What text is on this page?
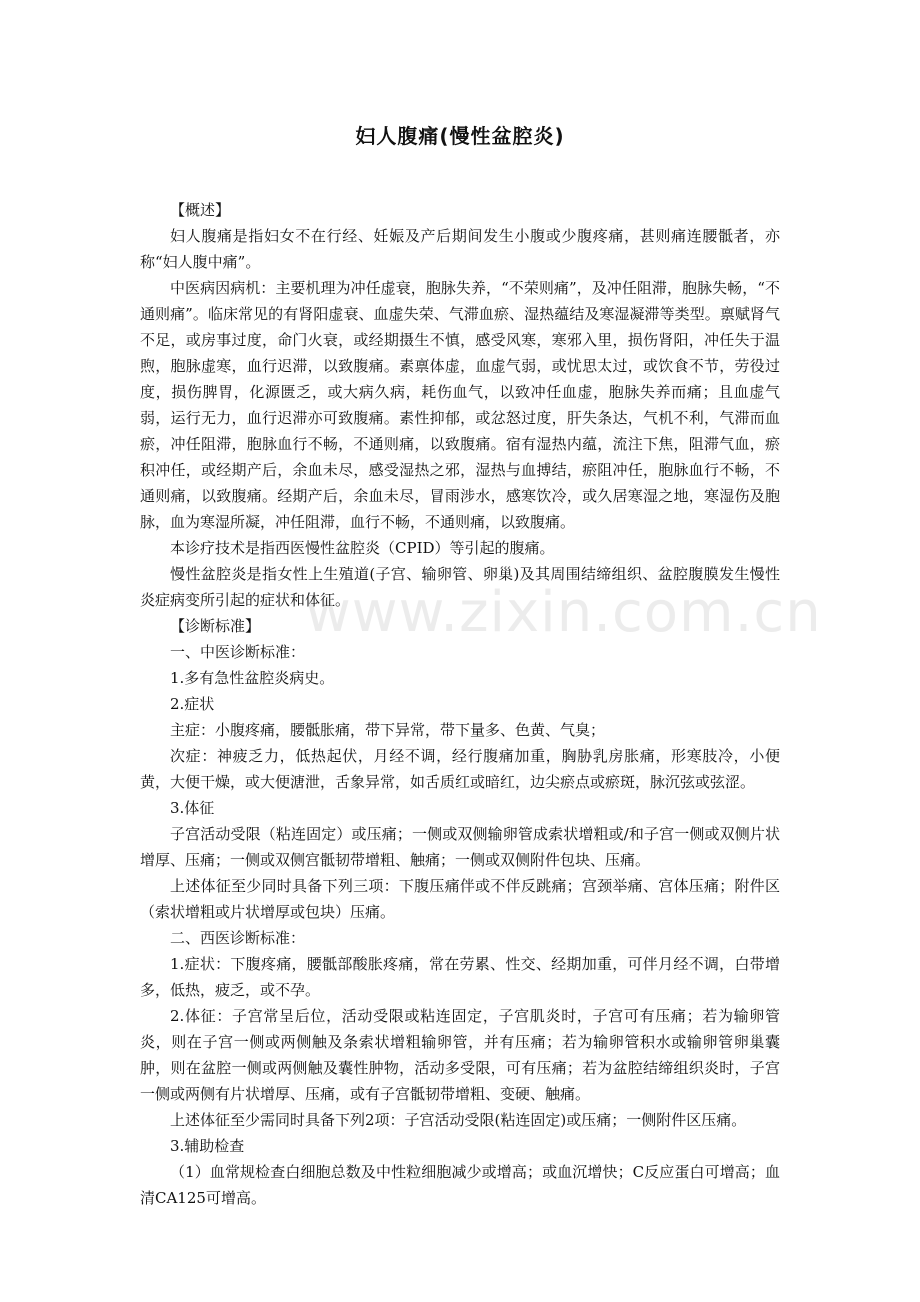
www.zixin.com.cn
妇人腹痛(慢性盆腔炎)

【概述】

妇人腹痛是指妇女不在行经、妊娠及产后期间发生小腹或少腹疼痛，甚则痛连腰骶者，亦称“妇人腹中痛”。

中医病因病机：主要机理为冲任虚衰，胞脉失养，“不荣则痛”，及冲任阻滞，胞脉失畅，“不通则痛”。临床常见的有肾阳虚衰、血虚失荣、气滞血瘀、湿热蕴结及寒湿凝滞等类型。禀赋肾气不足，或房事过度，命门火衰，或经期摄生不慎，感受风寒，寒邪入里，损伤肾阳，冲任失于温煦，胞脉虚寒，血行迟滞，以致腹痛。素禀体虚，血虚气弱，或忧思太过，或饮食不节，劳役过度，损伤脾胃，化源匮乏，或大病久病，耗伤血气，以致冲任血虚，胞脉失养而痛；且血虚气弱，运行无力，血行迟滞亦可致腹痛。素性抑郁，或忿怒过度，肝失条达，气机不利，气滞而血瘀，冲任阻滞，胞脉血行不畅，不通则痛，以致腹痛。宿有湿热内蕴，流注下焦，阻滞气血，瘀积冲任，或经期产后，余血未尽，感受湿热之邪，湿热与血搏结，瘀阻冲任，胞脉血行不畅，不通则痛，以致腹痛。经期产后，余血未尽，冒雨涉水，感寒饮冷，或久居寒湿之地，寒湿伤及胞脉，血为寒湿所凝，冲任阻滞，血行不畅，不通则痛，以致腹痛。

本诊疗技术是指西医慢性盆腔炎（CPID）等引起的腹痛。

慢性盆腔炎是指女性上生殖道(子宫、输卵管、卵巢)及其周围结缔组织、盆腔腹膜发生慢性炎症病变所引起的症状和体征。

【诊断标准】

一、中医诊断标准：

1.多有急性盆腔炎病史。

2.症状

主症：小腹疼痛，腰骶胀痛，带下异常，带下量多、色黄、气臭；

次症：神疲乏力，低热起伏，月经不调，经行腹痛加重，胸胁乳房胀痛，形寒肢冷，小便黄，大便干燥，或大便溏泄，舌象异常，如舌质红或暗红，边尖瘀点或瘀斑，脉沉弦或弦涩。

3.体征

子宫活动受限（粘连固定）或压痛；一侧或双侧输卵管成索状增粗或/和子宫一侧或双侧片状增厚、压痛；一侧或双侧宫骶韧带增粗、触痛；一侧或双侧附件包块、压痛。

上述体征至少同时具备下列三项：下腹压痛伴或不伴反跳痛；宫颈举痛、宫体压痛；附件区（索状增粗或片状增厚或包块）压痛。

二、西医诊断标准：

1.症状：下腹疼痛，腰骶部酸胀疼痛，常在劳累、性交、经期加重，可伴月经不调，白带增多，低热，疲乏，或不孕。

2.体征：子宫常呈后位，活动受限或粘连固定，子宫肌炎时，子宫可有压痛；若为输卵管炎，则在子宫一侧或两侧触及条索状增粗输卵管，并有压痛；若为输卵管积水或输卵管卵巢囊肿，则在盆腔一侧或两侧触及囊性肿物，活动多受限，可有压痛；若为盆腔结缔组织炎时，子宫一侧或两侧有片状增厚、压痛，或有子宫骶韧带增粗、变硬、触痛。

上述体征至少需同时具备下列2项：子宫活动受限(粘连固定)或压痛；一侧附件区压痛。

3.辅助检查

（1）血常规检查白细胞总数及中性粒细胞减少或增高；或血沉增快；C反应蛋白可增高；血清CA125可增高。
